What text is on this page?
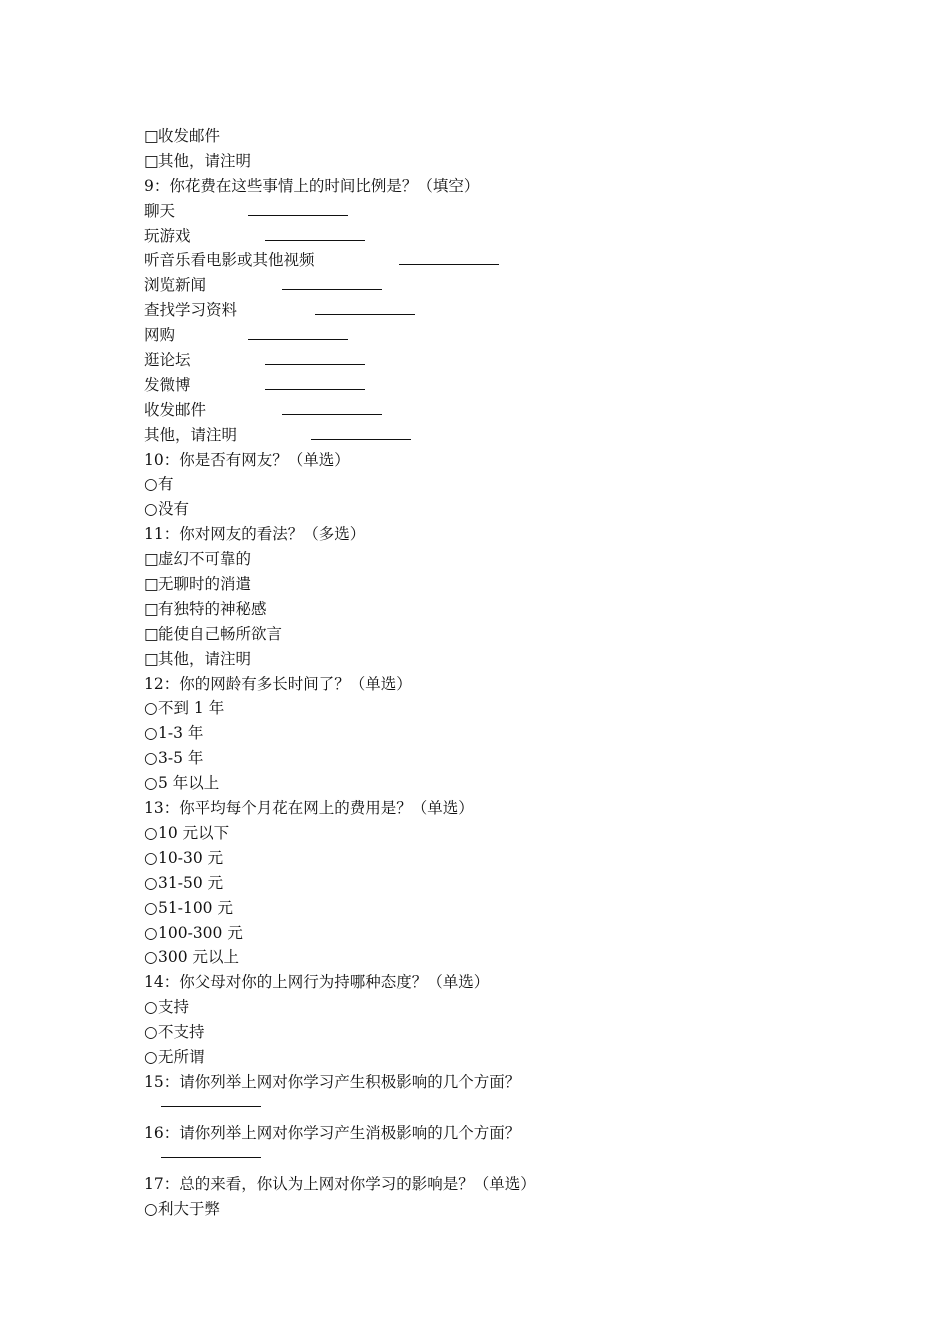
□收发邮件
□其他，请注明
9：你花费在这些事情上的时间比例是？（填空）
聊天
玩游戏
听音乐看电影或其他视频
浏览新闻
查找学习资料
网购
逛论坛
发微博
收发邮件
其他，请注明
10：你是否有网友？（单选）
○有
○没有
11：你对网友的看法？（多选）
□虚幻不可靠的
□无聊时的消遣
□有独特的神秘感
□能使自己畅所欲言
□其他，请注明
12：你的网龄有多长时间了？（单选）
○不到 1 年
○1-3 年
○3-5 年
○5 年以上
13：你平均每个月花在网上的费用是？（单选）
○10 元以下
○10-30 元
○31-50 元
○51-100 元
○100-300 元
○300 元以上
14：你父母对你的上网行为持哪种态度？（单选）
○支持
○不支持
○无所谓
15：请你列举上网对你学习产生积极影响的几个方面？
16：请你列举上网对你学习产生消极影响的几个方面？
17：总的来看，你认为上网对你学习的影响是？（单选）
○利大于弊
